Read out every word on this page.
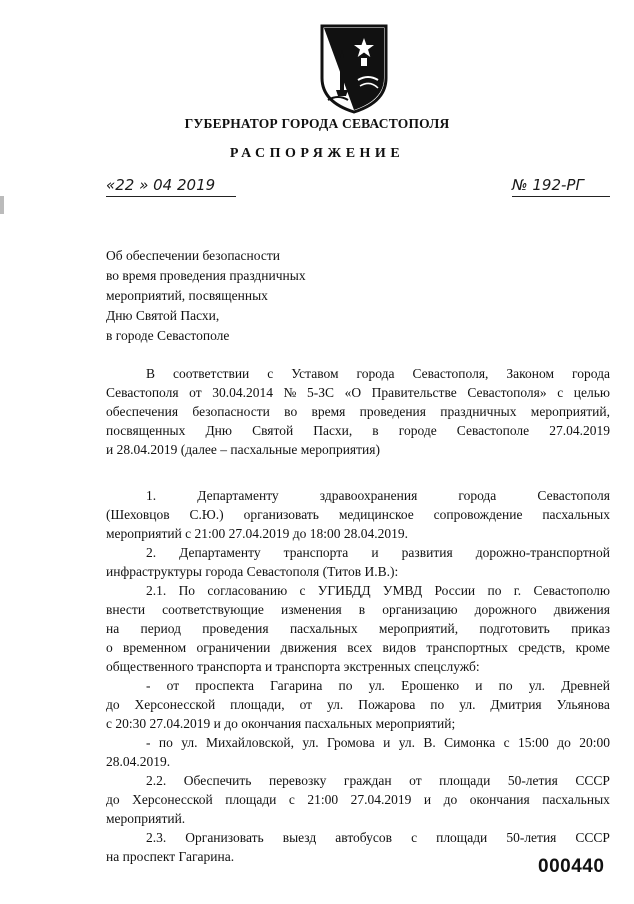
ГУБЕРНАТОР ГОРОДА СЕВАСТОПОЛЯ
РАСПОРЯЖЕНИЕ
«22 » 04 2019	№ 192-РГ
Об обеспечении безопасности
во время проведения праздничных
мероприятий, посвященных
Дню Святой Пасхи,
в городе Севастополе
В соответствии с Уставом города Севастополя, Законом города
Севастополя от 30.04.2014 № 5-ЗС «О Правительстве Севастополя» с целью
обеспечения безопасности во время проведения праздничных мероприятий,
посвященных Дню Святой Пасхи, в городе Севастополе 27.04.2019
и 28.04.2019 (далее – пасхальные мероприятия)
1.	Департаменту	здравоохранения	города	Севастополя
(Шеховцов С.Ю.) организовать медицинское сопровождение пасхальных
мероприятий с 21:00 27.04.2019 до 18:00 28.04.2019.
2. Департаменту транспорта и развития дорожно-транспортной
инфраструктуры города Севастополя (Титов И.В.):
2.1. По согласованию с УГИБДД УМВД России по г. Севастополю
внести соответствующие изменения в организацию дорожного движения
на период проведения пасхальных мероприятий, подготовить приказ
о временном ограничении движения всех видов транспортных средств, кроме
общественного транспорта и транспорта экстренных спецслужб:
- от проспекта Гагарина по ул. Ерошенко и по ул. Древней
до Херсонесской площади, от ул. Пожарова по ул. Дмитрия Ульянова
с 20:30 27.04.2019 и до окончания пасхальных мероприятий;
- по ул. Михайловской, ул. Громова и ул. В. Симонка с 15:00 до 20:00
28.04.2019.
2.2. Обеспечить перевозку граждан от площади 50-летия СССР
до Херсонесской площади с 21:00 27.04.2019 и до окончания пасхальных
мероприятий.
2.3. Организовать выезд автобусов с площади 50-летия СССР
на проспект Гагарина.	000440
